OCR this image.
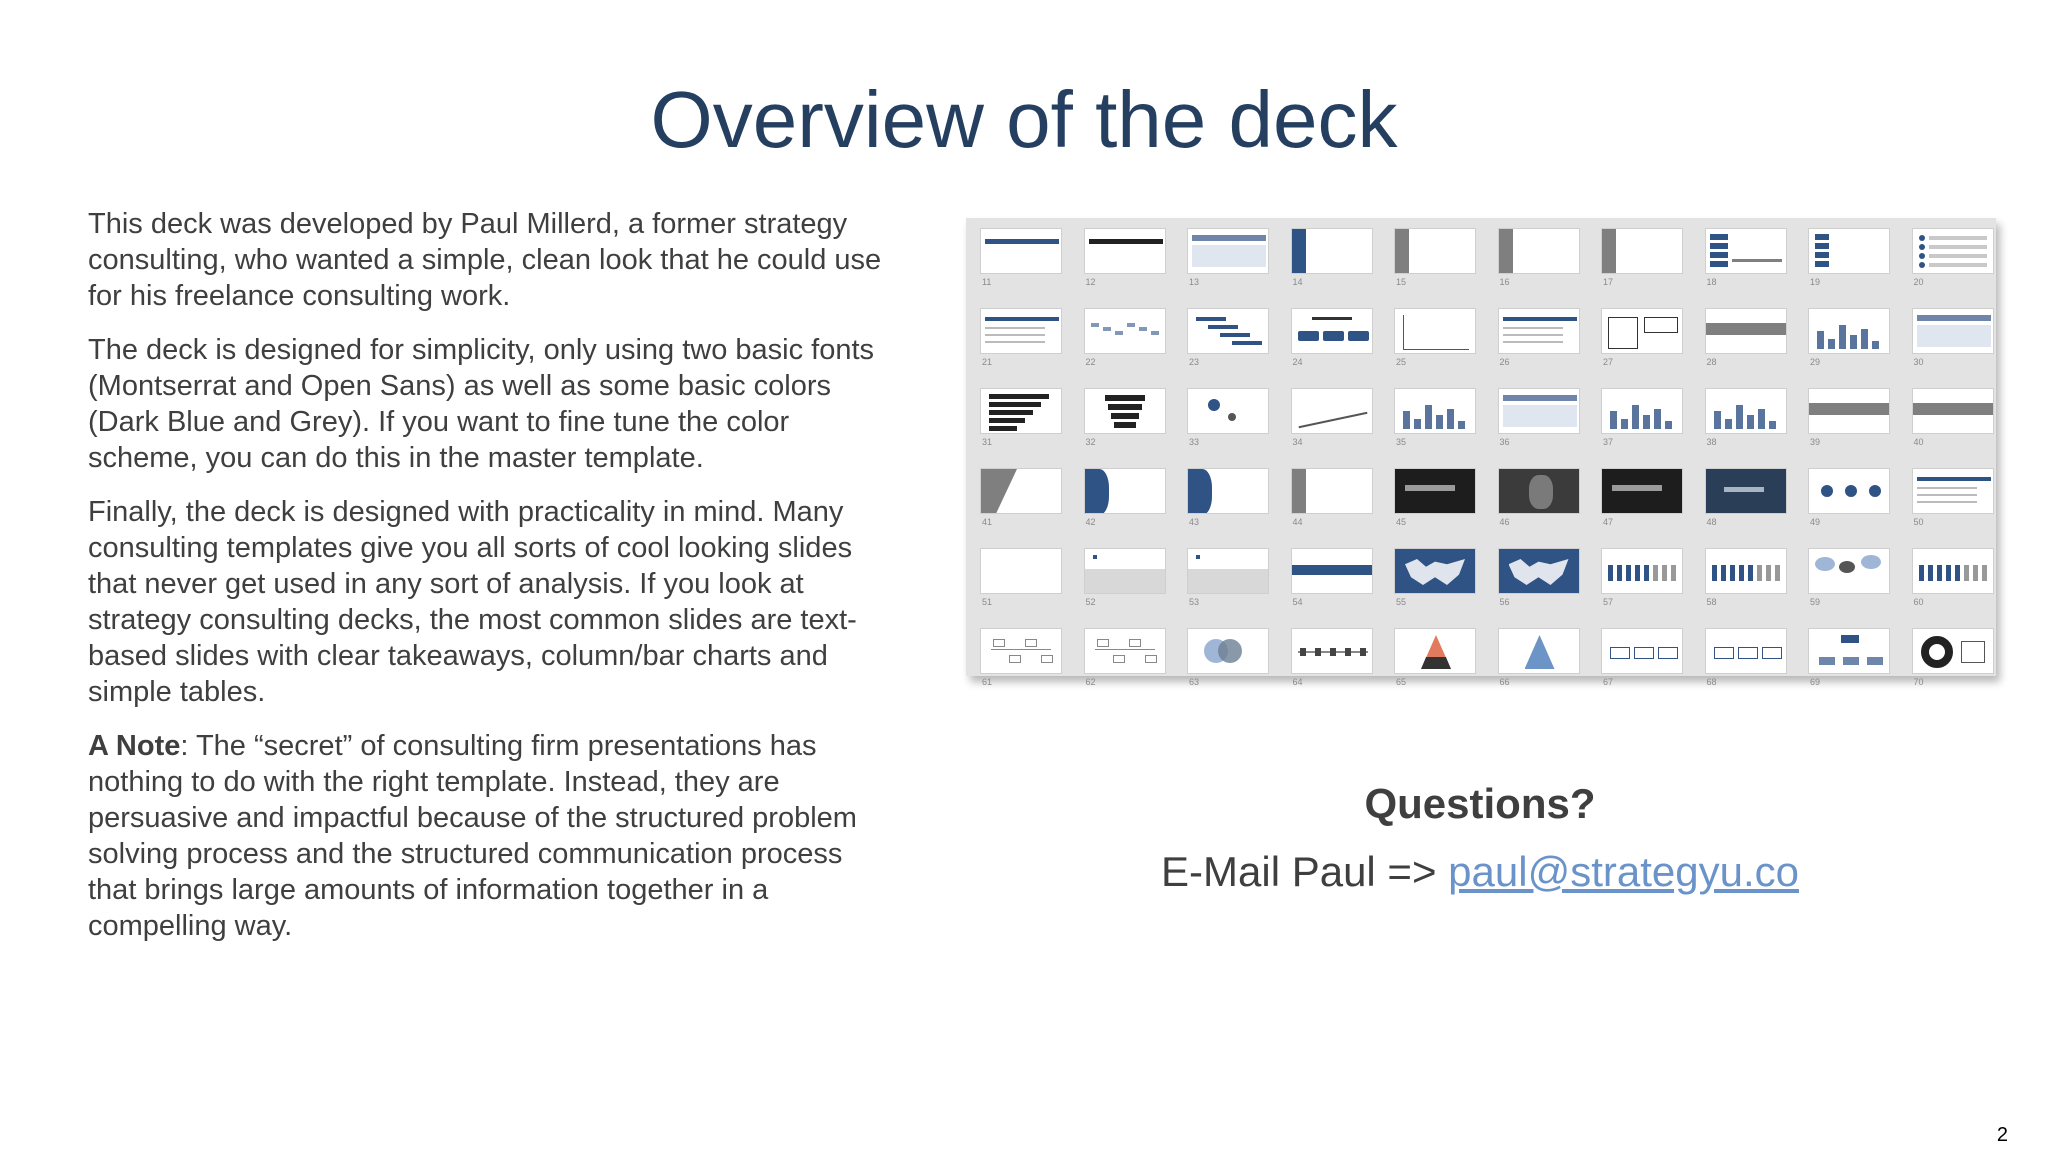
Overview of the deck

This deck was developed by Paul Millerd, a former strategy consulting, who wanted a simple, clean look that he could use for his freelance consulting work.

The deck is designed for simplicity, only using two basic fonts (Montserrat and Open Sans) as well as some basic colors (Dark Blue and Grey). If you want to fine tune the color scheme, you can do this in the master template.

Finally, the deck is designed with practicality in mind. Many consulting templates give you all sorts of cool looking slides that never get used in any sort of analysis. If you look at strategy consulting decks, the most common slides are text-based slides with clear takeaways, column/bar charts and simple tables.

A Note: The “secret” of consulting firm presentations has nothing to do with the right template. Instead, they are persuasive and impactful because of the structured problem solving process and the structured communication process that brings large amounts of information together in a compelling way.

11	12	13	14	15	16	17	18	19	20
21	22	23	24	25	26	27	28	29	30
31	32	33	34	35	36	37	38	39	40
41	42	43	44	45	46	47	48	49	50
51	52	53	54	55	56	57	58	59	60
61	62	63	64	65	66	67	68	69	70
Questions?
E-Mail Paul => paul@strategyu.co
2
